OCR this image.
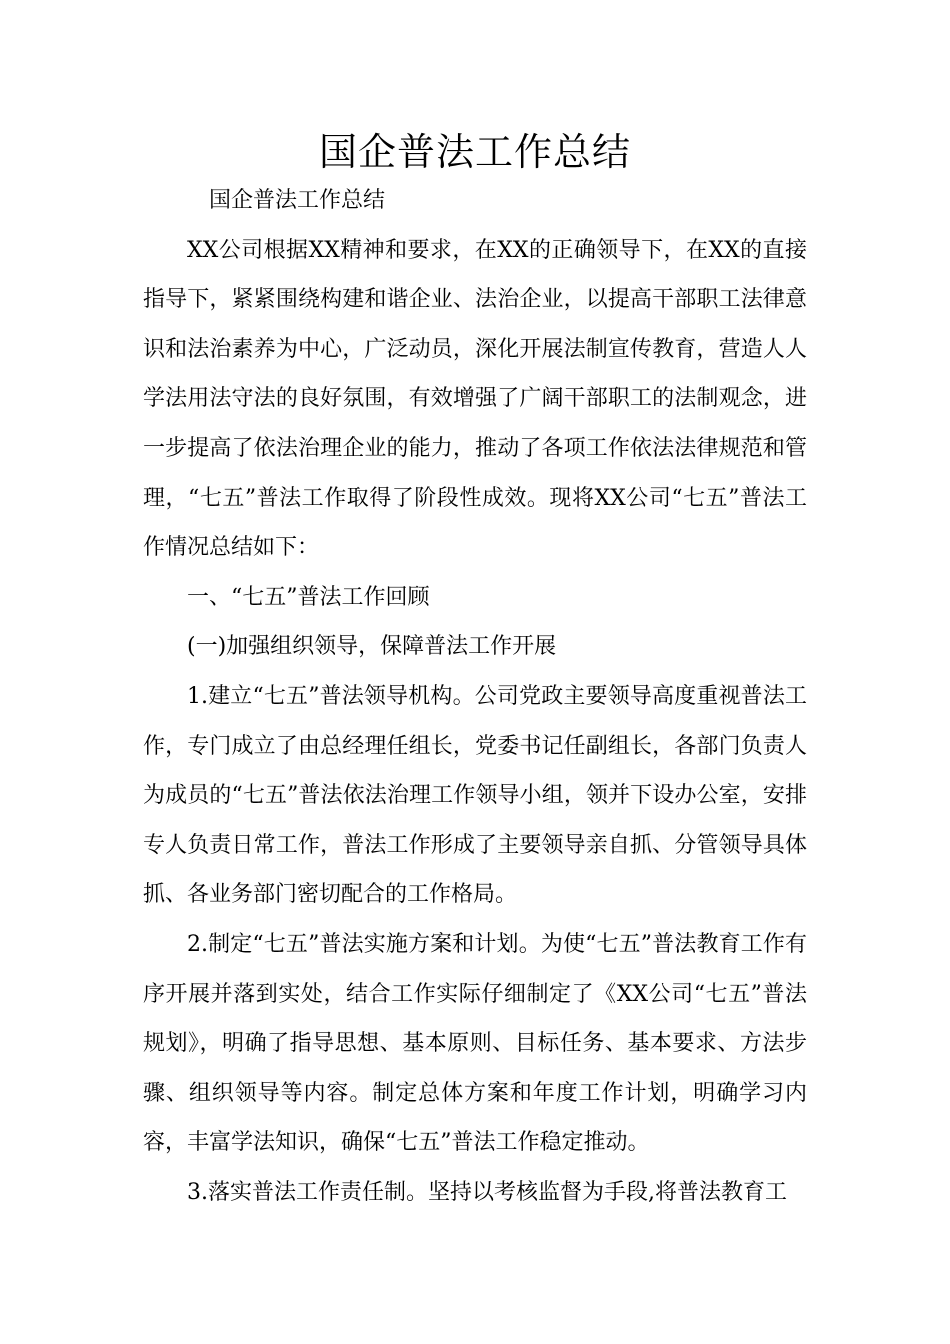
国企普法工作总结

国企普法工作总结

XX公司根据XX精神和要求，在XX的正确领导下，在XX的直接指导下，紧紧围绕构建和谐企业、法治企业，以提高干部职工法律意识和法治素养为中心，广泛动员，深化开展法制宣传教育，营造人人学法用法守法的良好氛围，有效增强了广阔干部职工的法制观念，进一步提高了依法治理企业的能力，推动了各项工作依法法律规范和管理，“七五”普法工作取得了阶段性成效。现将XX公司“七五”普法工作情况总结如下：

一、“七五”普法工作回顾

(一)加强组织领导，保障普法工作开展

1.建立“七五”普法领导机构。公司党政主要领导高度重视普法工作，专门成立了由总经理任组长，党委书记任副组长，各部门负责人为成员的“七五”普法依法治理工作领导小组，领并下设办公室，安排专人负责日常工作，普法工作形成了主要领导亲自抓、分管领导具体抓、各业务部门密切配合的工作格局。

2.制定“七五”普法实施方案和计划。为使“七五”普法教育工作有序开展并落到实处，结合工作实际仔细制定了《XX公司“七五”普法规划》，明确了指导思想、基本原则、目标任务、基本要求、方法步骤、组织领导等内容。制定总体方案和年度工作计划，明确学习内容，丰富学法知识，确保“七五”普法工作稳定推动。

3.落实普法工作责任制。坚持以考核监督为手段,将普法教育工
